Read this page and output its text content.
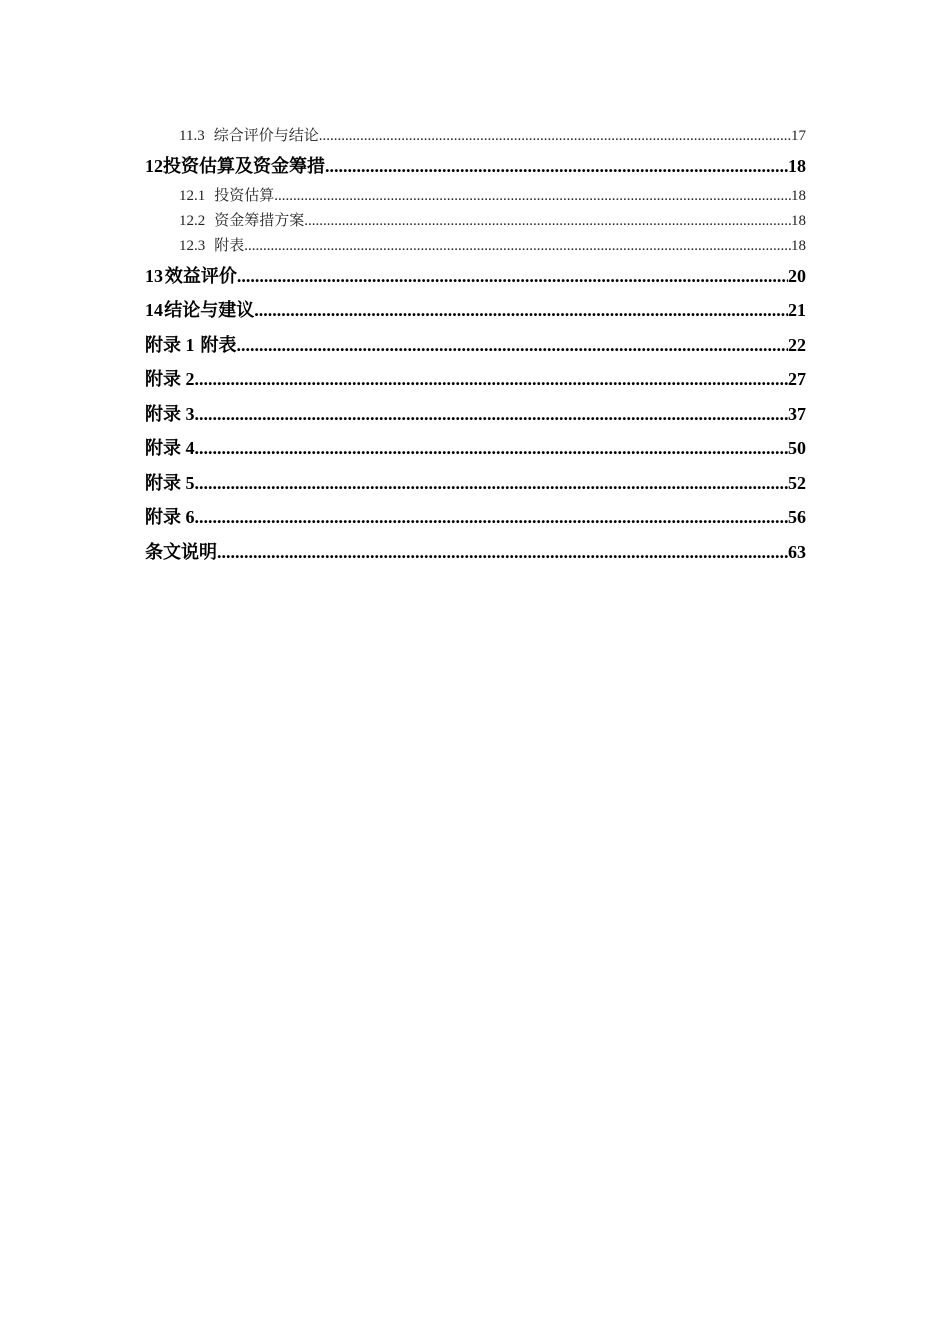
11.3 综合评价与结论 .....	17
12 投资估算及资金筹措 .....	18
12.1 投资估算 .....	18
12.2 资金筹措方案 .....	18
12.3 附表 .....	18
13 效益评价 .....	20
14 结论与建议 .....	21
附录 1 附表 .....	22
附录 2 .....	27
附录 3 .....	37
附录 4 .....	50
附录 5 .....	52
附录 6 .....	56
条文说明 .....	63
